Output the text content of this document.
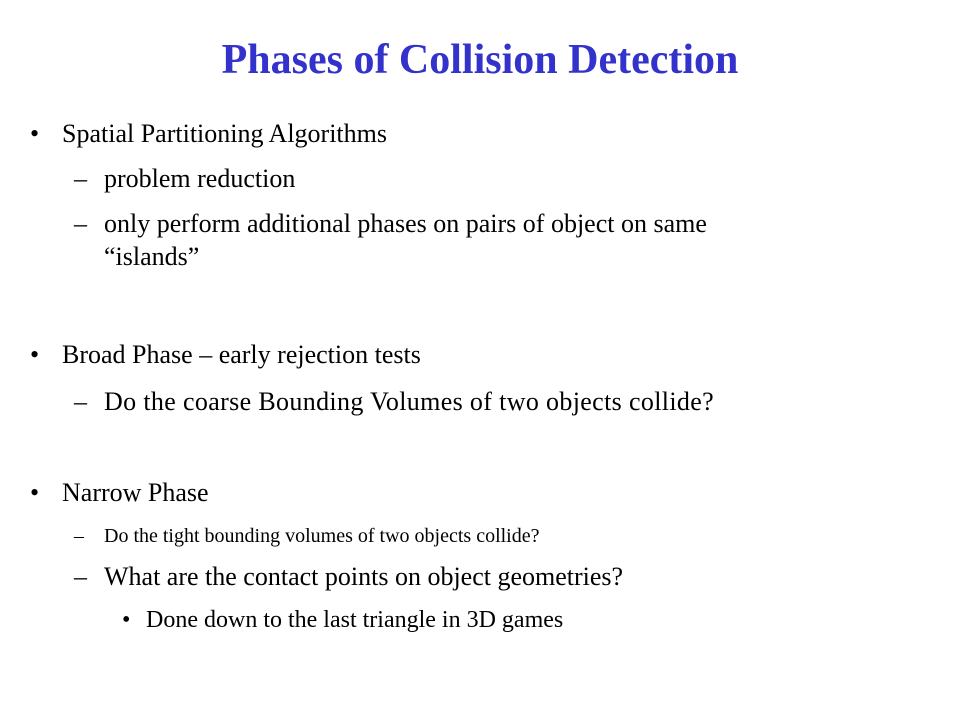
Phases of Collision Detection
• Spatial Partitioning Algorithms
– problem reduction
– only perform additional phases on pairs of object on same
“islands”
• Broad Phase – early rejection tests
– Do the coarse Bounding Volumes of two objects collide?
• Narrow Phase
– Do the tight bounding volumes of two objects collide?
– What are the contact points on object geometries?
• Done down to the last triangle in 3D games
